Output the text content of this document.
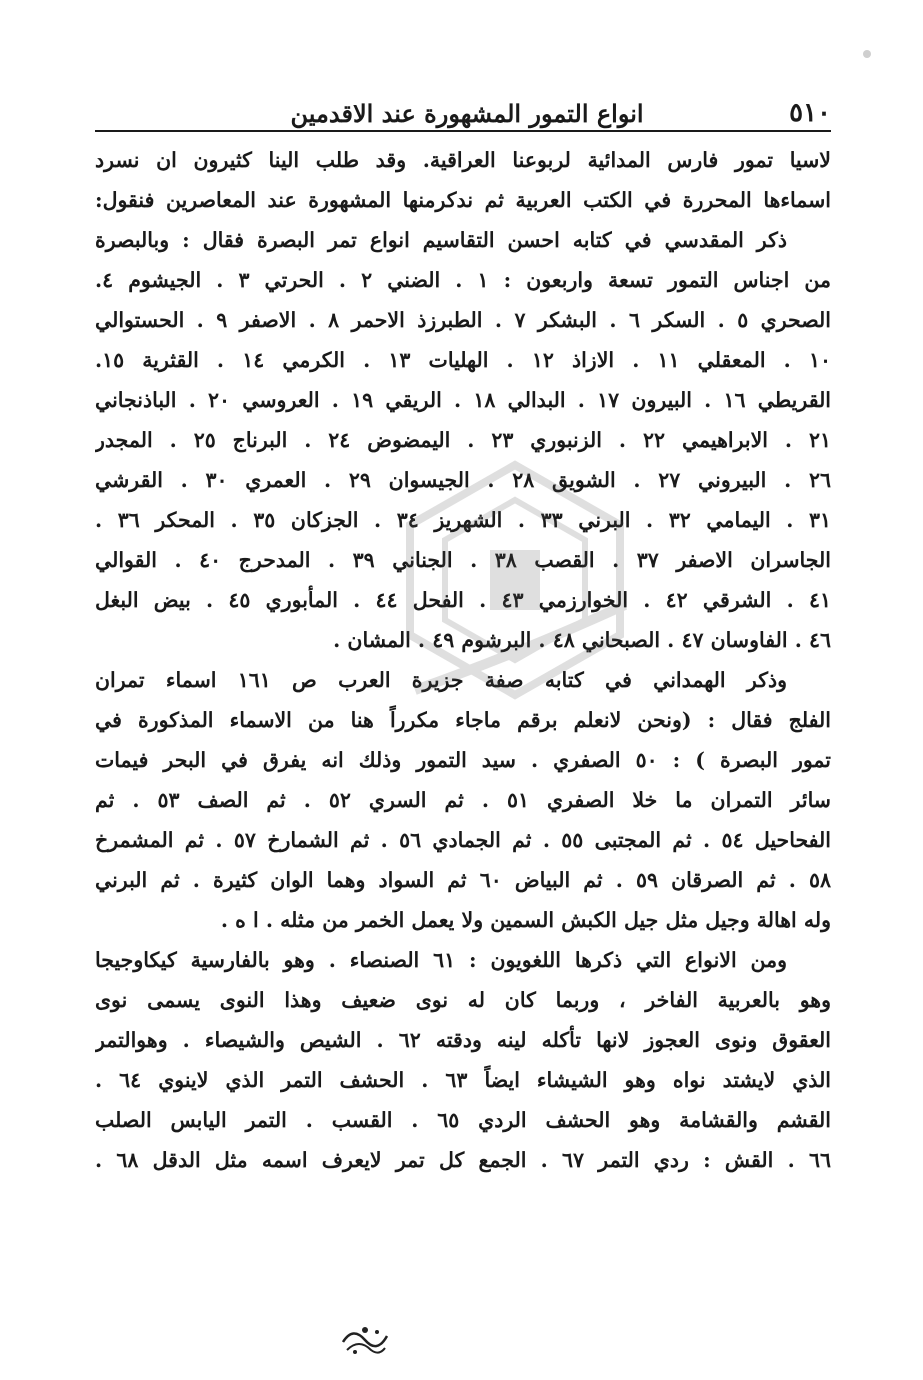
٥١٠
انواع التمور المشهورة عند الاقدمين
لاسيا تمور فارس المدائية لربوعنا العراقية. وقد طلب الينا كثيرون ان نسرد
اسماءها المحررة في الكتب العربية ثم ندكرمنها المشهورة عند المعاصرين فنقول:
ذكر المقدسي في كتابه احسن التقاسيم انواع تمر البصرة فقال : وبالبصرة
من اجناس التمور تسعة واربعون : ١ . الضني ٢ . الحرتي ٣ . الجيشوم ٤.
الصحري ٥ . السكر ٦ . البشكر ٧ . الطبرزذ الاحمر ٨ . الاصفر ٩ . الحستوالي
١٠ . المعقلي ١١ . الازاذ ١٢ . الهليات ١٣ . الكرمي ١٤ . القثرية ١٥.
القريطي ١٦ . البيرون ١٧ . البدالي ١٨ . الريقي ١٩ . العروسي ٢٠ . الباذنجاني
٢١ . الابراهيمي ٢٢ . الزنبوري ٢٣ . اليمضوض ٢٤ . البرناج ٢٥ . المجدر
٢٦ . البيروني ٢٧ . الشويق ٢٨ . الجيسوان ٢٩ . العمري ٣٠ . القرشي
٣١ . اليمامي ٣٢ . البرني ٣٣ . الشهريز ٣٤ . الجزكان ٣٥ . المحكر ٣٦ .
الجاسران الاصفر ٣٧ . القصب ٣٨ . الجناني ٣٩ . المدحرج ٤٠ . القوالي
٤١ . الشرقي ٤٢ . الخوارزمي ٤٣ . الفحل ٤٤ . المأبوري ٤٥ . بيض البغل
٤٦ . الفاوسان ٤٧ . الصبحاني ٤٨ . البرشوم ٤٩ . المشان .
وذكر الهمداني في كتابه صفة جزيرة العرب ص ١٦١ اسماء تمران
الفلج فقال : (ونحن لانعلم برقم ماجاء مكرراً هنا من الاسماء المذكورة في
تمور البصرة ) : ٥٠ الصفري . سيد التمور وذلك انه يفرق في البحر فيمات
سائر التمران ما خلا الصفري ٥١ . ثم السري ٥٢ . ثم الصف ٥٣ . ثم
الفحاحيل ٥٤ . ثم المجتبى ٥٥ . ثم الجمادي ٥٦ . ثم الشمارخ ٥٧ . ثم المشمرخ
٥٨ . ثم الصرقان ٥٩ . ثم البياض ٦٠ ثم السواد وهما الوان كثيرة . ثم البرني
وله اهالة وجيل مثل جيل الكبش السمين ولا يعمل الخمر من مثله . ا ه .
ومن الانواع التي ذكرها اللغويون : ٦١ الصنصاء . وهو بالفارسية كيكاوجيجا
وهو بالعربية الفاخر ، وربما كان له نوى ضعيف وهذا النوى يسمى نوى
العقوق ونوى العجوز لانها تأكله لينه ودقته ٦٢ . الشيص والشيصاء . وهوالتمر
الذي لايشتد نواه وهو الشيشاء ايضاً ٦٣ . الحشف التمر الذي لاينوي ٦٤ .
القشم والقشامة وهو الحشف الردي ٦٥ . القسب . التمر اليابس الصلب
٦٦ . القش : ردي التمر ٦٧ . الجمع كل تمر لايعرف اسمه مثل الدقل ٦٨ .
